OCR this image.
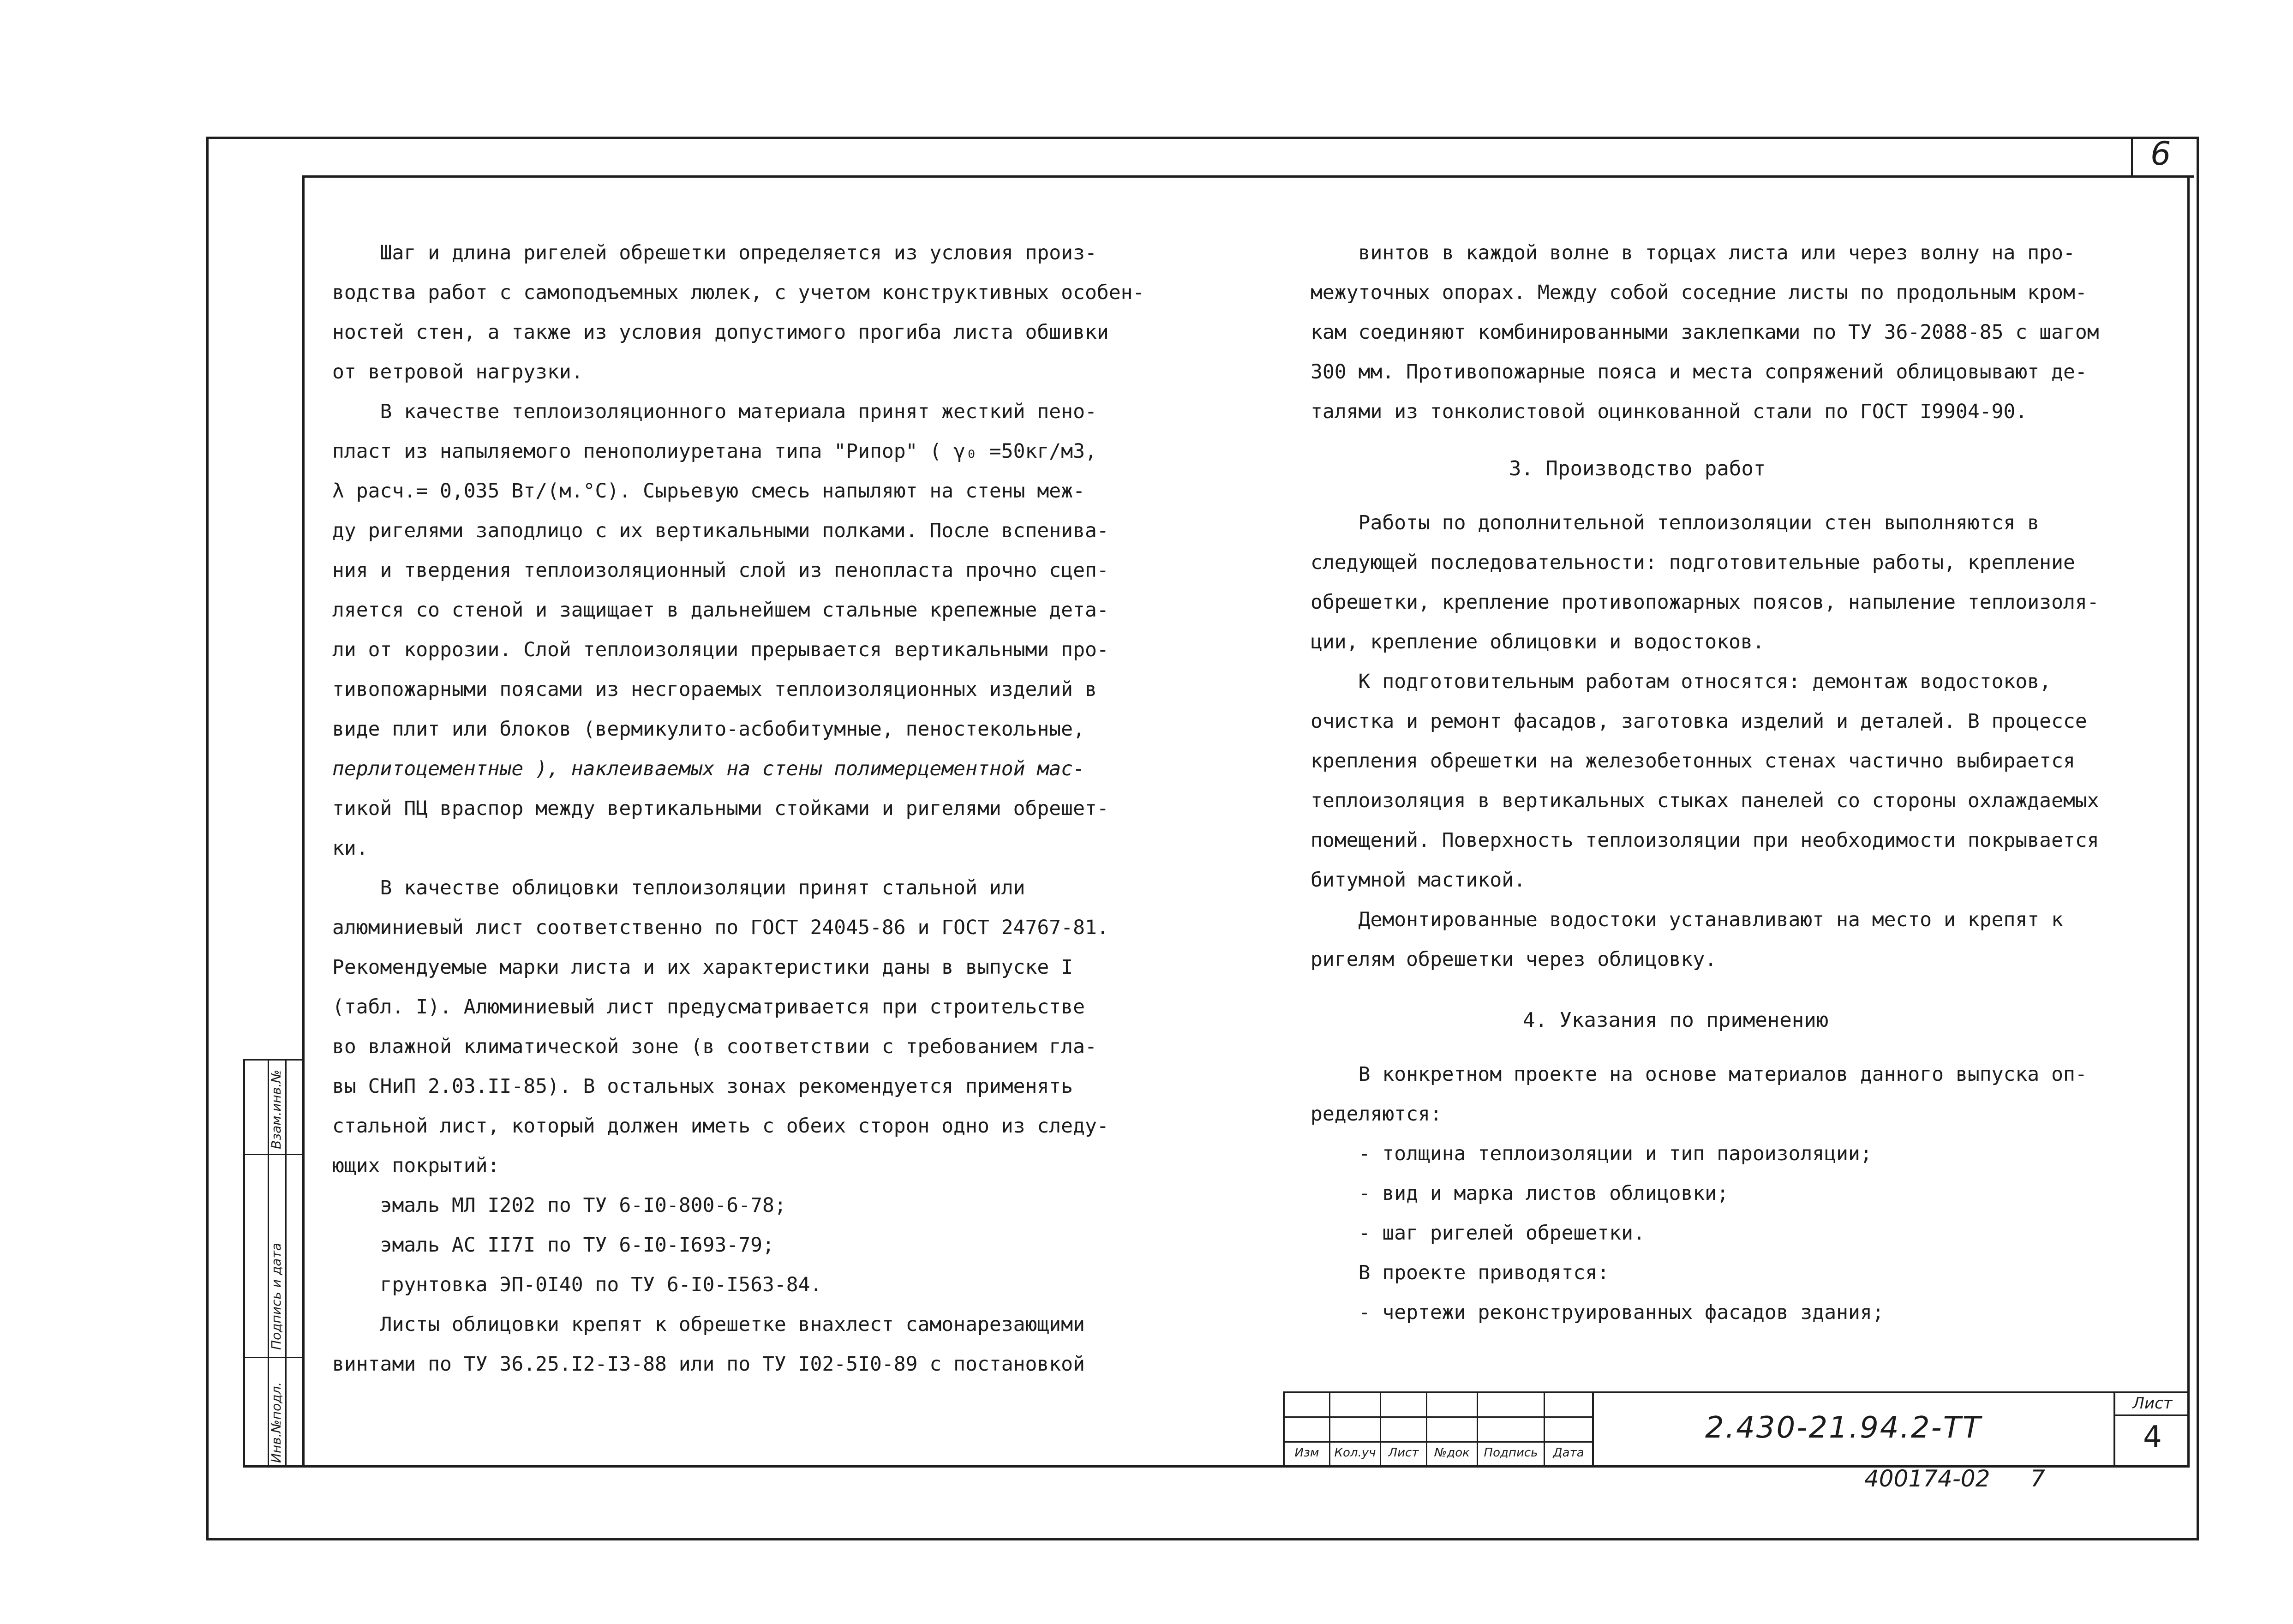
6
Инв.№подл.
Подпись и дата
Взам.инв.№

Шаг и длина ригелей обрешетки определяется из условия произ-

водства работ с самоподъемных люлек, с учетом конструктивных особен-

ностей стен, а также из условия допустимого прогиба листа обшивки

от ветровой нагрузки.

В качестве теплоизоляционного материала принят жесткий пено-

пласт из напыляемого пенополиуретана типа "Рипор" ( γ₀ =50кг/м3,

λ расч.= 0,035 Вт/(м.°С). Сырьевую смесь напыляют на стены меж-

ду ригелями заподлицо с их вертикальными полками. После вспенива-

ния и твердения теплоизоляционный слой из пенопласта прочно сцеп-

ляется со стеной и защищает в дальнейшем стальные крепежные дета-

ли от коррозии. Слой теплоизоляции прерывается вертикальными про-

тивопожарными поясами из несгораемых теплоизоляционных изделий в

виде плит или блоков (вермикулито-асбобитумные, пеностекольные,

перлитоцементные ), наклеиваемых на стены полимерцементной мас-

тикой ПЦ враспор между вертикальными стойками и ригелями обрешет-

ки.

В качестве облицовки теплоизоляции принят стальной или

алюминиевый лист соответственно по ГОСТ 24045-86 и ГОСТ 24767-81.

Рекомендуемые марки листа и их характеристики даны в выпуске I

(табл. I). Алюминиевый лист предусматривается при строительстве

во влажной климатической зоне (в соответствии с требованием гла-

вы СНиП 2.03.II-85). В остальных зонах рекомендуется применять

стальной лист, который должен иметь с обеих сторон одно из следу-

ющих покрытий:

эмаль МЛ I202 по ТУ 6-I0-800-6-78;

эмаль АС II7I по ТУ 6-I0-I693-79;

грунтовка ЭП-0I40 по ТУ 6-I0-I563-84.

Листы облицовки крепят к обрешетке внахлест самонарезающими

винтами по ТУ 36.25.I2-I3-88 или по ТУ I02-5I0-89 с постановкой

винтов в каждой волне в торцах листа или через волну на про-

межуточных опорах. Между собой соседние листы по продольным кром-

кам соединяют комбинированными заклепками по ТУ 36-2088-85 с шагом

300 мм. Противопожарные пояса и места сопряжений облицовывают де-

талями из тонколистовой оцинкованной стали по ГОСТ I9904-90.

3. Производство работ

Работы по дополнительной теплоизоляции стен выполняются в

следующей последовательности: подготовительные работы, крепление

обрешетки, крепление противопожарных поясов, напыление теплоизоля-

ции, крепление облицовки и водостоков.

К подготовительным работам относятся: демонтаж водостоков,

очистка и ремонт фасадов, заготовка изделий и деталей. В процессе

крепления обрешетки на железобетонных стенах частично выбирается

теплоизоляция в вертикальных стыках панелей со стороны охлаждаемых

помещений. Поверхность теплоизоляции при необходимости покрывается

битумной мастикой.

Демонтированные водостоки устанавливают на место и крепят к

ригелям обрешетки через облицовку.

4. Указания по применению

В конкретном проекте на основе материалов данного выпуска оп-

ределяются:

- толщина теплоизоляции и тип пароизоляции;

- вид и марка листов облицовки;

- шаг ригелей обрешетки.

В проекте приводятся:

- чертежи реконструированных фасадов здания;

Изм	Кол.уч	Лист	№док	Подпись	Дата
2.430-21.94.2-ТТ
Лист
4
400174-02 7
